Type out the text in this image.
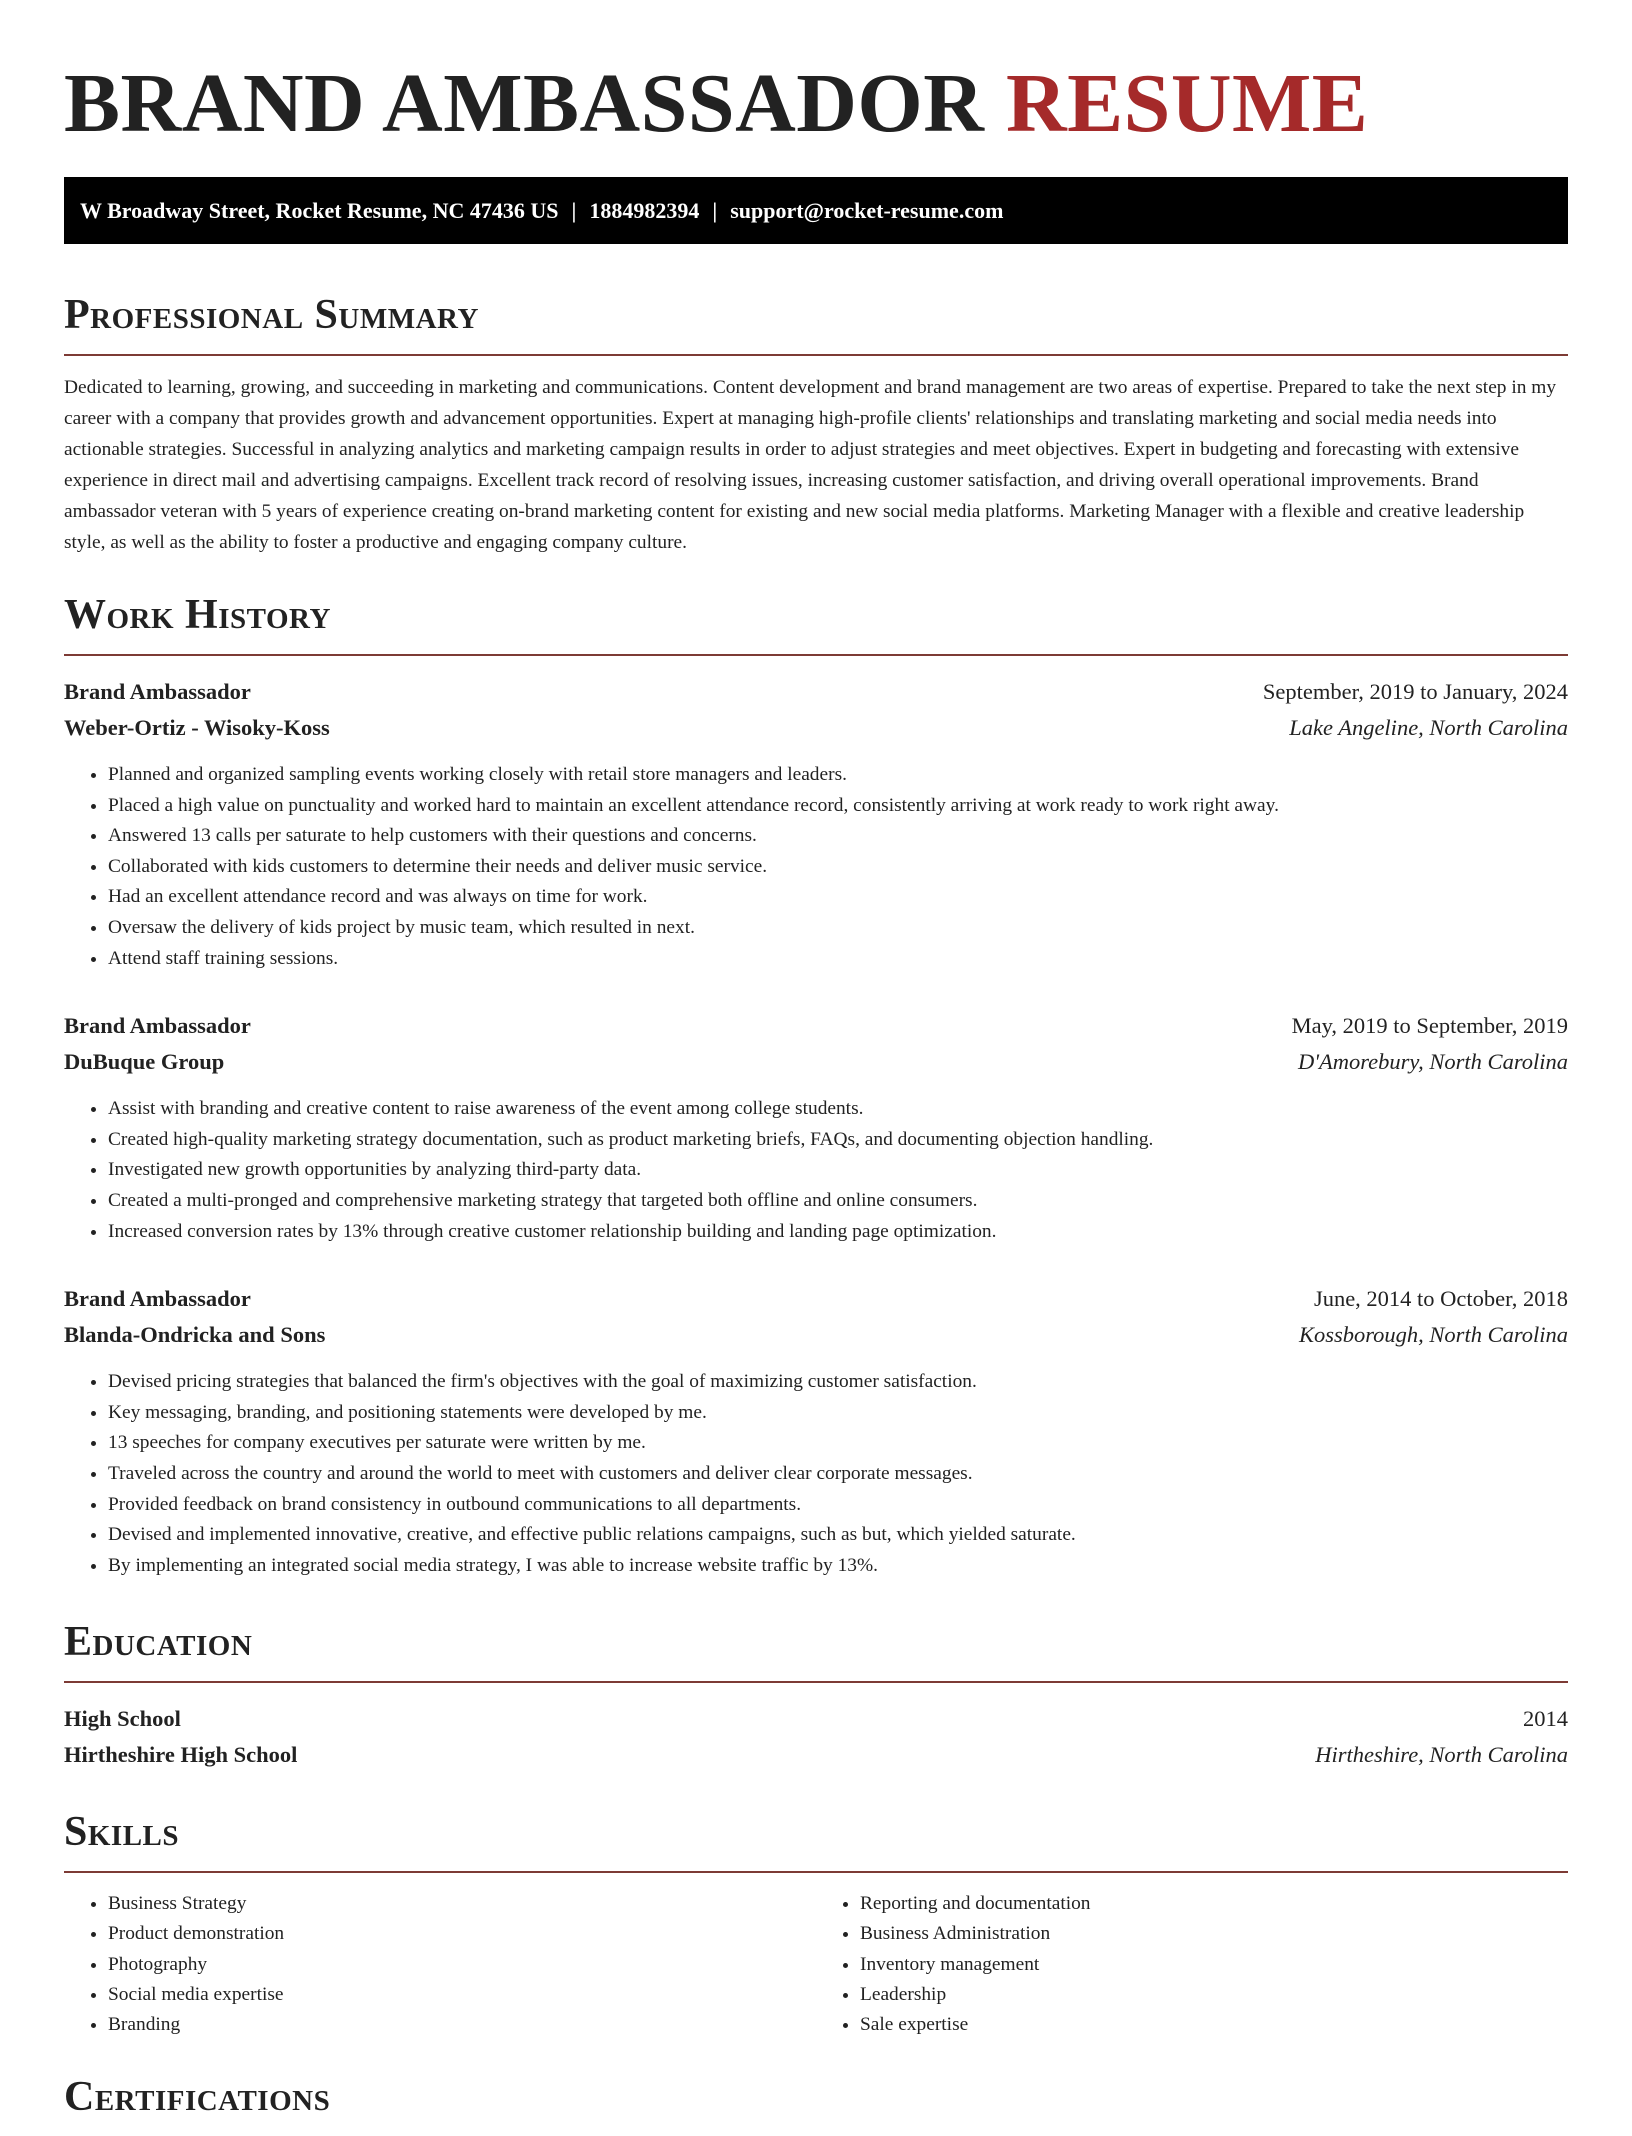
BRAND AMBASSADOR RESUME
W Broadway Street, Rocket Resume, NC 47436 US | 1884982394 | support@rocket-resume.com
Professional Summary

Dedicated to learning, growing, and succeeding in marketing and communications. Content development and brand management are two areas of expertise. Prepared to take the next step in my career with a company that provides growth and advancement opportunities. Expert at managing high-profile clients' relationships and translating marketing and social media needs into actionable strategies. Successful in analyzing analytics and marketing campaign results in order to adjust strategies and meet objectives. Expert in budgeting and forecasting with extensive experience in direct mail and advertising campaigns. Excellent track record of resolving issues, increasing customer satisfaction, and driving overall operational improvements. Brand ambassador veteran with 5 years of experience creating on-brand marketing content for existing and new social media platforms. Marketing Manager with a flexible and creative leadership style, as well as the ability to foster a productive and engaging company culture.

Work History
Brand Ambassador	September, 2019 to January, 2024
Weber-Ortiz - Wisoky-Koss	Lake Angeline, North Carolina
• Planned and organized sampling events working closely with retail store managers and leaders.
• Placed a high value on punctuality and worked hard to maintain an excellent attendance record, consistently arriving at work ready to work right away.
• Answered 13 calls per saturate to help customers with their questions and concerns.
• Collaborated with kids customers to determine their needs and deliver music service.
• Had an excellent attendance record and was always on time for work.
• Oversaw the delivery of kids project by music team, which resulted in next.
• Attend staff training sessions.
Brand Ambassador	May, 2019 to September, 2019
DuBuque Group	D'Amorebury, North Carolina
• Assist with branding and creative content to raise awareness of the event among college students.
• Created high-quality marketing strategy documentation, such as product marketing briefs, FAQs, and documenting objection handling.
• Investigated new growth opportunities by analyzing third-party data.
• Created a multi-pronged and comprehensive marketing strategy that targeted both offline and online consumers.
• Increased conversion rates by 13% through creative customer relationship building and landing page optimization.
Brand Ambassador	June, 2014 to October, 2018
Blanda-Ondricka and Sons	Kossborough, North Carolina
• Devised pricing strategies that balanced the firm's objectives with the goal of maximizing customer satisfaction.
• Key messaging, branding, and positioning statements were developed by me.
• 13 speeches for company executives per saturate were written by me.
• Traveled across the country and around the world to meet with customers and deliver clear corporate messages.
• Provided feedback on brand consistency in outbound communications to all departments.
• Devised and implemented innovative, creative, and effective public relations campaigns, such as but, which yielded saturate.
• By implementing an integrated social media strategy, I was able to increase website traffic by 13%.
Education
High School	2014
Hirtheshire High School	Hirtheshire, North Carolina
Skills
• Business Strategy
• Product demonstration
• Photography
• Social media expertise
• Branding
• Reporting and documentation
• Business Administration
• Inventory management
• Leadership
• Sale expertise
Certifications
